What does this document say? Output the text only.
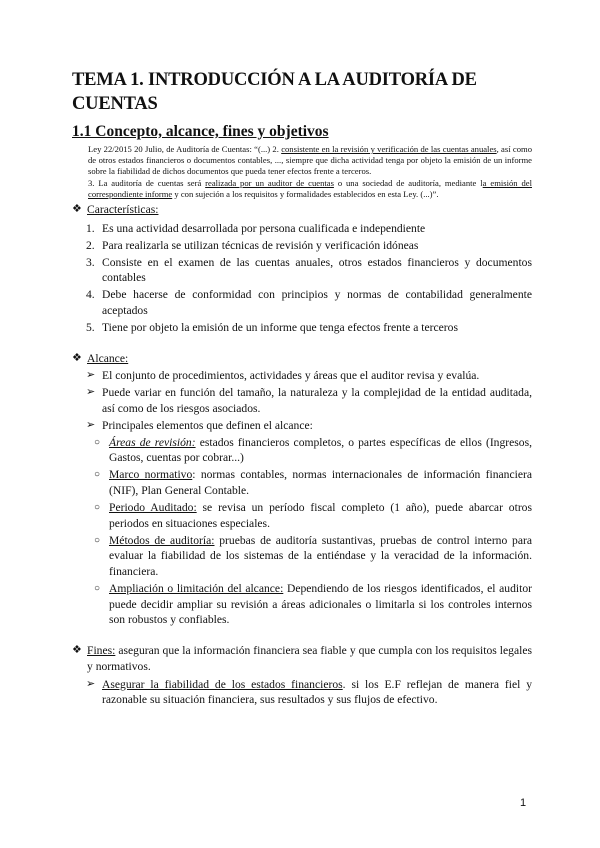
TEMA 1. INTRODUCCIÓN A LA AUDITORÍA DE CUENTAS
1.1 Concepto, alcance, fines y objetivos

Ley 22/2015 20 Julio, de Auditoría de Cuentas: “(...) 2. consistente en la revisión y verificación de las cuentas anuales, así como de otros estados financieros o documentos contables, ..., siempre que dicha actividad tenga por objeto la emisión de un informe sobre la fiabilidad de dichos documentos que pueda tener efectos frente a terceros.

3. La auditoría de cuentas será realizada por un auditor de cuentas o una sociedad de auditoría, mediante la emisión del correspondiente informe y con sujeción a los requisitos y formalidades establecidos en esta Ley. (...)”.

❖ Características:
1. Es una actividad desarrollada por persona cualificada e independiente
2. Para realizarla se utilizan técnicas de revisión y verificación idóneas
3. Consiste en el examen de las cuentas anuales, otros estados financieros y documentos contables
4. Debe hacerse de conformidad con principios y normas de contabilidad generalmente aceptados
5. Tiene por objeto la emisión de un informe que tenga efectos frente a terceros
❖ Alcance:
➢ El conjunto de procedimientos, actividades y áreas que el auditor revisa y evalúa.
➢ Puede variar en función del tamaño, la naturaleza y la complejidad de la entidad auditada, así como de los riesgos asociados.
➢ Principales elementos que definen el alcance:
○ Áreas de revisión: estados financieros completos, o partes específicas de ellos (Ingresos, Gastos, cuentas por cobrar...)
○ Marco normativo: normas contables, normas internacionales de información financiera (NIF), Plan General Contable.
○ Periodo Auditado: se revisa un período fiscal completo (1 año), puede abarcar otros periodos en situaciones especiales.
○ Métodos de auditoría: pruebas de auditoría sustantivas, pruebas de control interno para evaluar la fiabilidad de los sistemas de la entiéndase y la veracidad de la información. financiera.
○ Ampliación o limitación del alcance: Dependiendo de los riesgos identificados, el auditor puede decidir ampliar su revisión a áreas adicionales o limitarla si los controles internos son robustos y confiables.
❖ Fines: aseguran que la información financiera sea fiable y que cumpla con los requisitos legales y normativos.
➢ Asegurar la fiabilidad de los estados financieros. si los E.F reflejan de manera fiel y razonable su situación financiera, sus resultados y sus flujos de efectivo.
1
